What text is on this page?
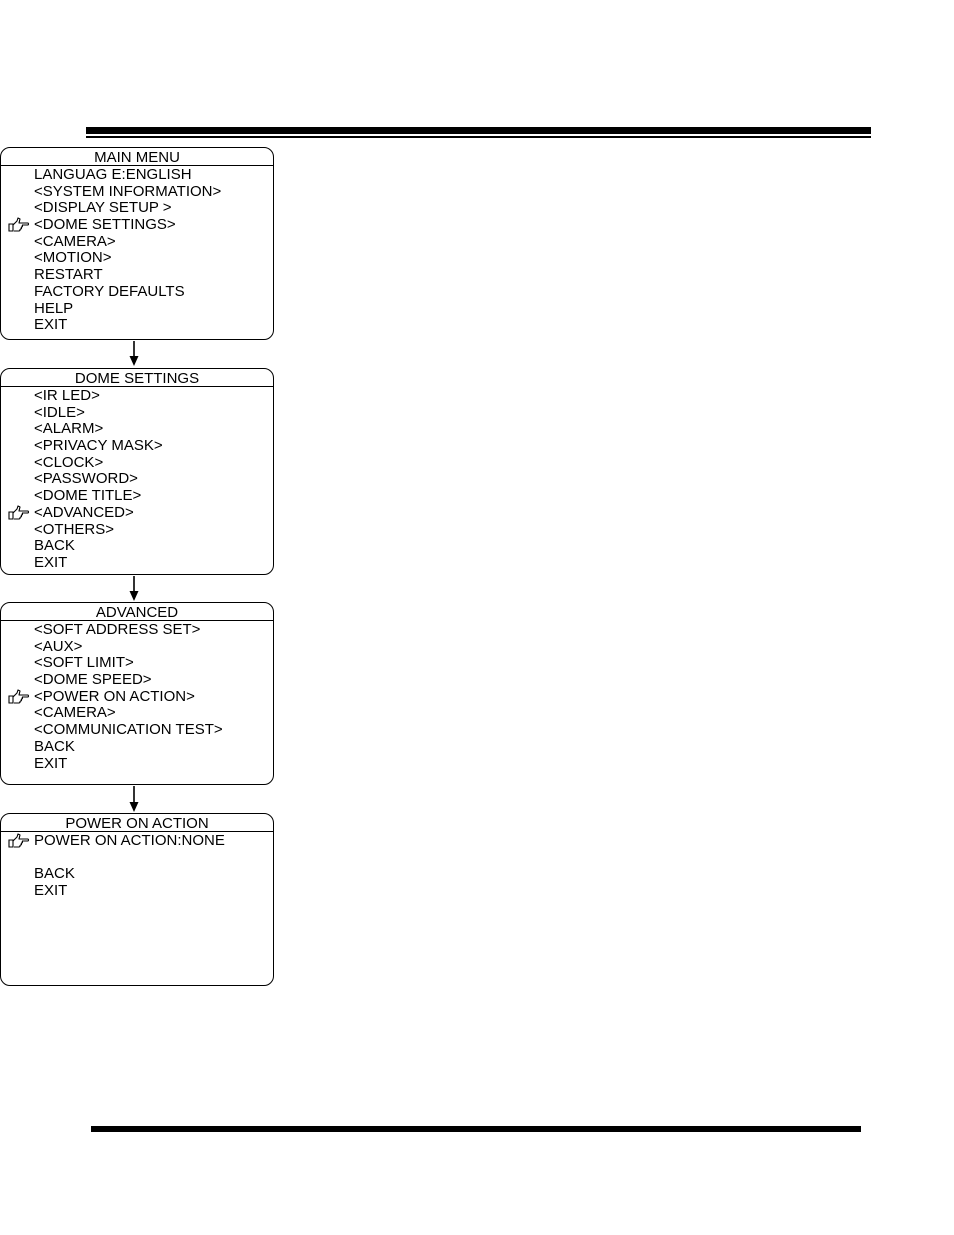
MAIN MENU
LANGUAG E:ENGLISH
<SYSTEM INFORMATION>
<DISPLAY SETUP >
<DOME SETTINGS>
<CAMERA>
<MOTION>
RESTART
FACTORY DEFAULTS
HELP
EXIT
DOME SETTINGS
<IR LED>
<IDLE>
<ALARM>
<PRIVACY MASK>
<CLOCK>
<PASSWORD>
<DOME TITLE>
<ADVANCED>
<OTHERS>
BACK
EXIT
ADVANCED
<SOFT ADDRESS SET>
<AUX>
<SOFT LIMIT>
<DOME SPEED>
<POWER ON ACTION>
<CAMERA>
<COMMUNICATION TEST>
BACK
EXIT
POWER ON ACTION
POWER ON ACTION:NONE
BACK
EXIT
